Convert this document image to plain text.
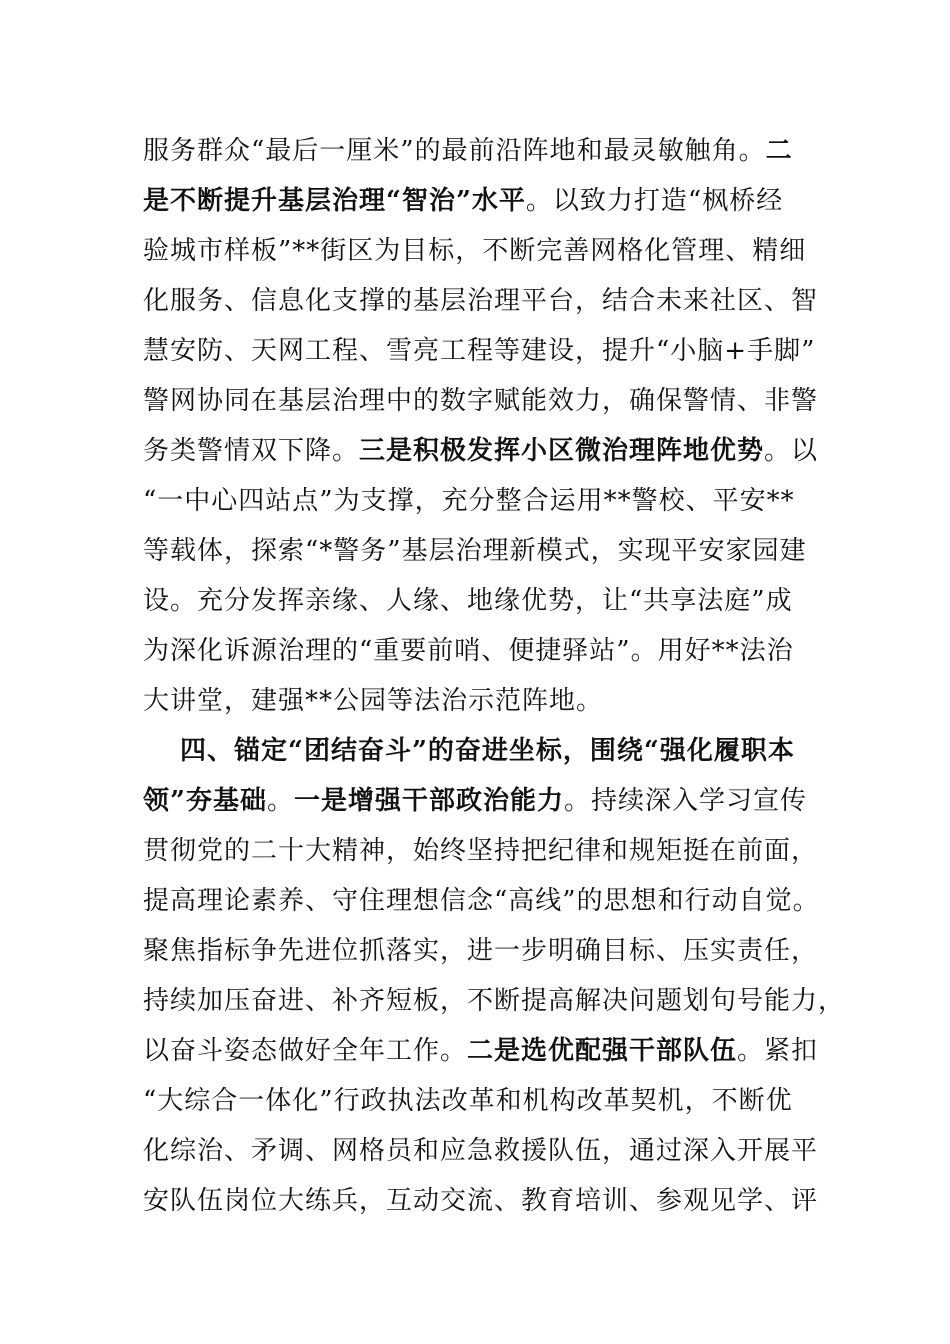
服务群众“最后一厘米”的最前沿阵地和最灵敏触角。二
是不断提升基层治理“智治”水平。以致力打造“枫桥经
验城市样板”**街区为目标，不断完善网格化管理、精细
化服务、信息化支撑的基层治理平台，结合未来社区、智
慧安防、天网工程、雪亮工程等建设，提升“小脑+手脚”
警网协同在基层治理中的数字赋能效力，确保警情、非警
务类警情双下降。三是积极发挥小区微治理阵地优势。以
“一中心四站点”为支撑，充分整合运用**警校、平安**
等载体，探索“*警务”基层治理新模式，实现平安家园建
设。充分发挥亲缘、人缘、地缘优势，让“共享法庭”成
为深化诉源治理的“重要前哨、便捷驿站”。用好**法治
大讲堂，建强**公园等法治示范阵地。
四、锚定“团结奋斗”的奋进坐标，围绕“强化履职本
领”夯基础。一是增强干部政治能力。持续深入学习宣传
贯彻党的二十大精神，始终坚持把纪律和规矩挺在前面，
提高理论素养、守住理想信念“高线”的思想和行动自觉。
聚焦指标争先进位抓落实，进一步明确目标、压实责任，
持续加压奋进、补齐短板，不断提高解决问题划句号能力，
以奋斗姿态做好全年工作。二是选优配强干部队伍。紧扣
“大综合一体化”行政执法改革和机构改革契机，不断优
化综治、矛调、网格员和应急救援队伍，通过深入开展平
安队伍岗位大练兵，互动交流、教育培训、参观见学、评
